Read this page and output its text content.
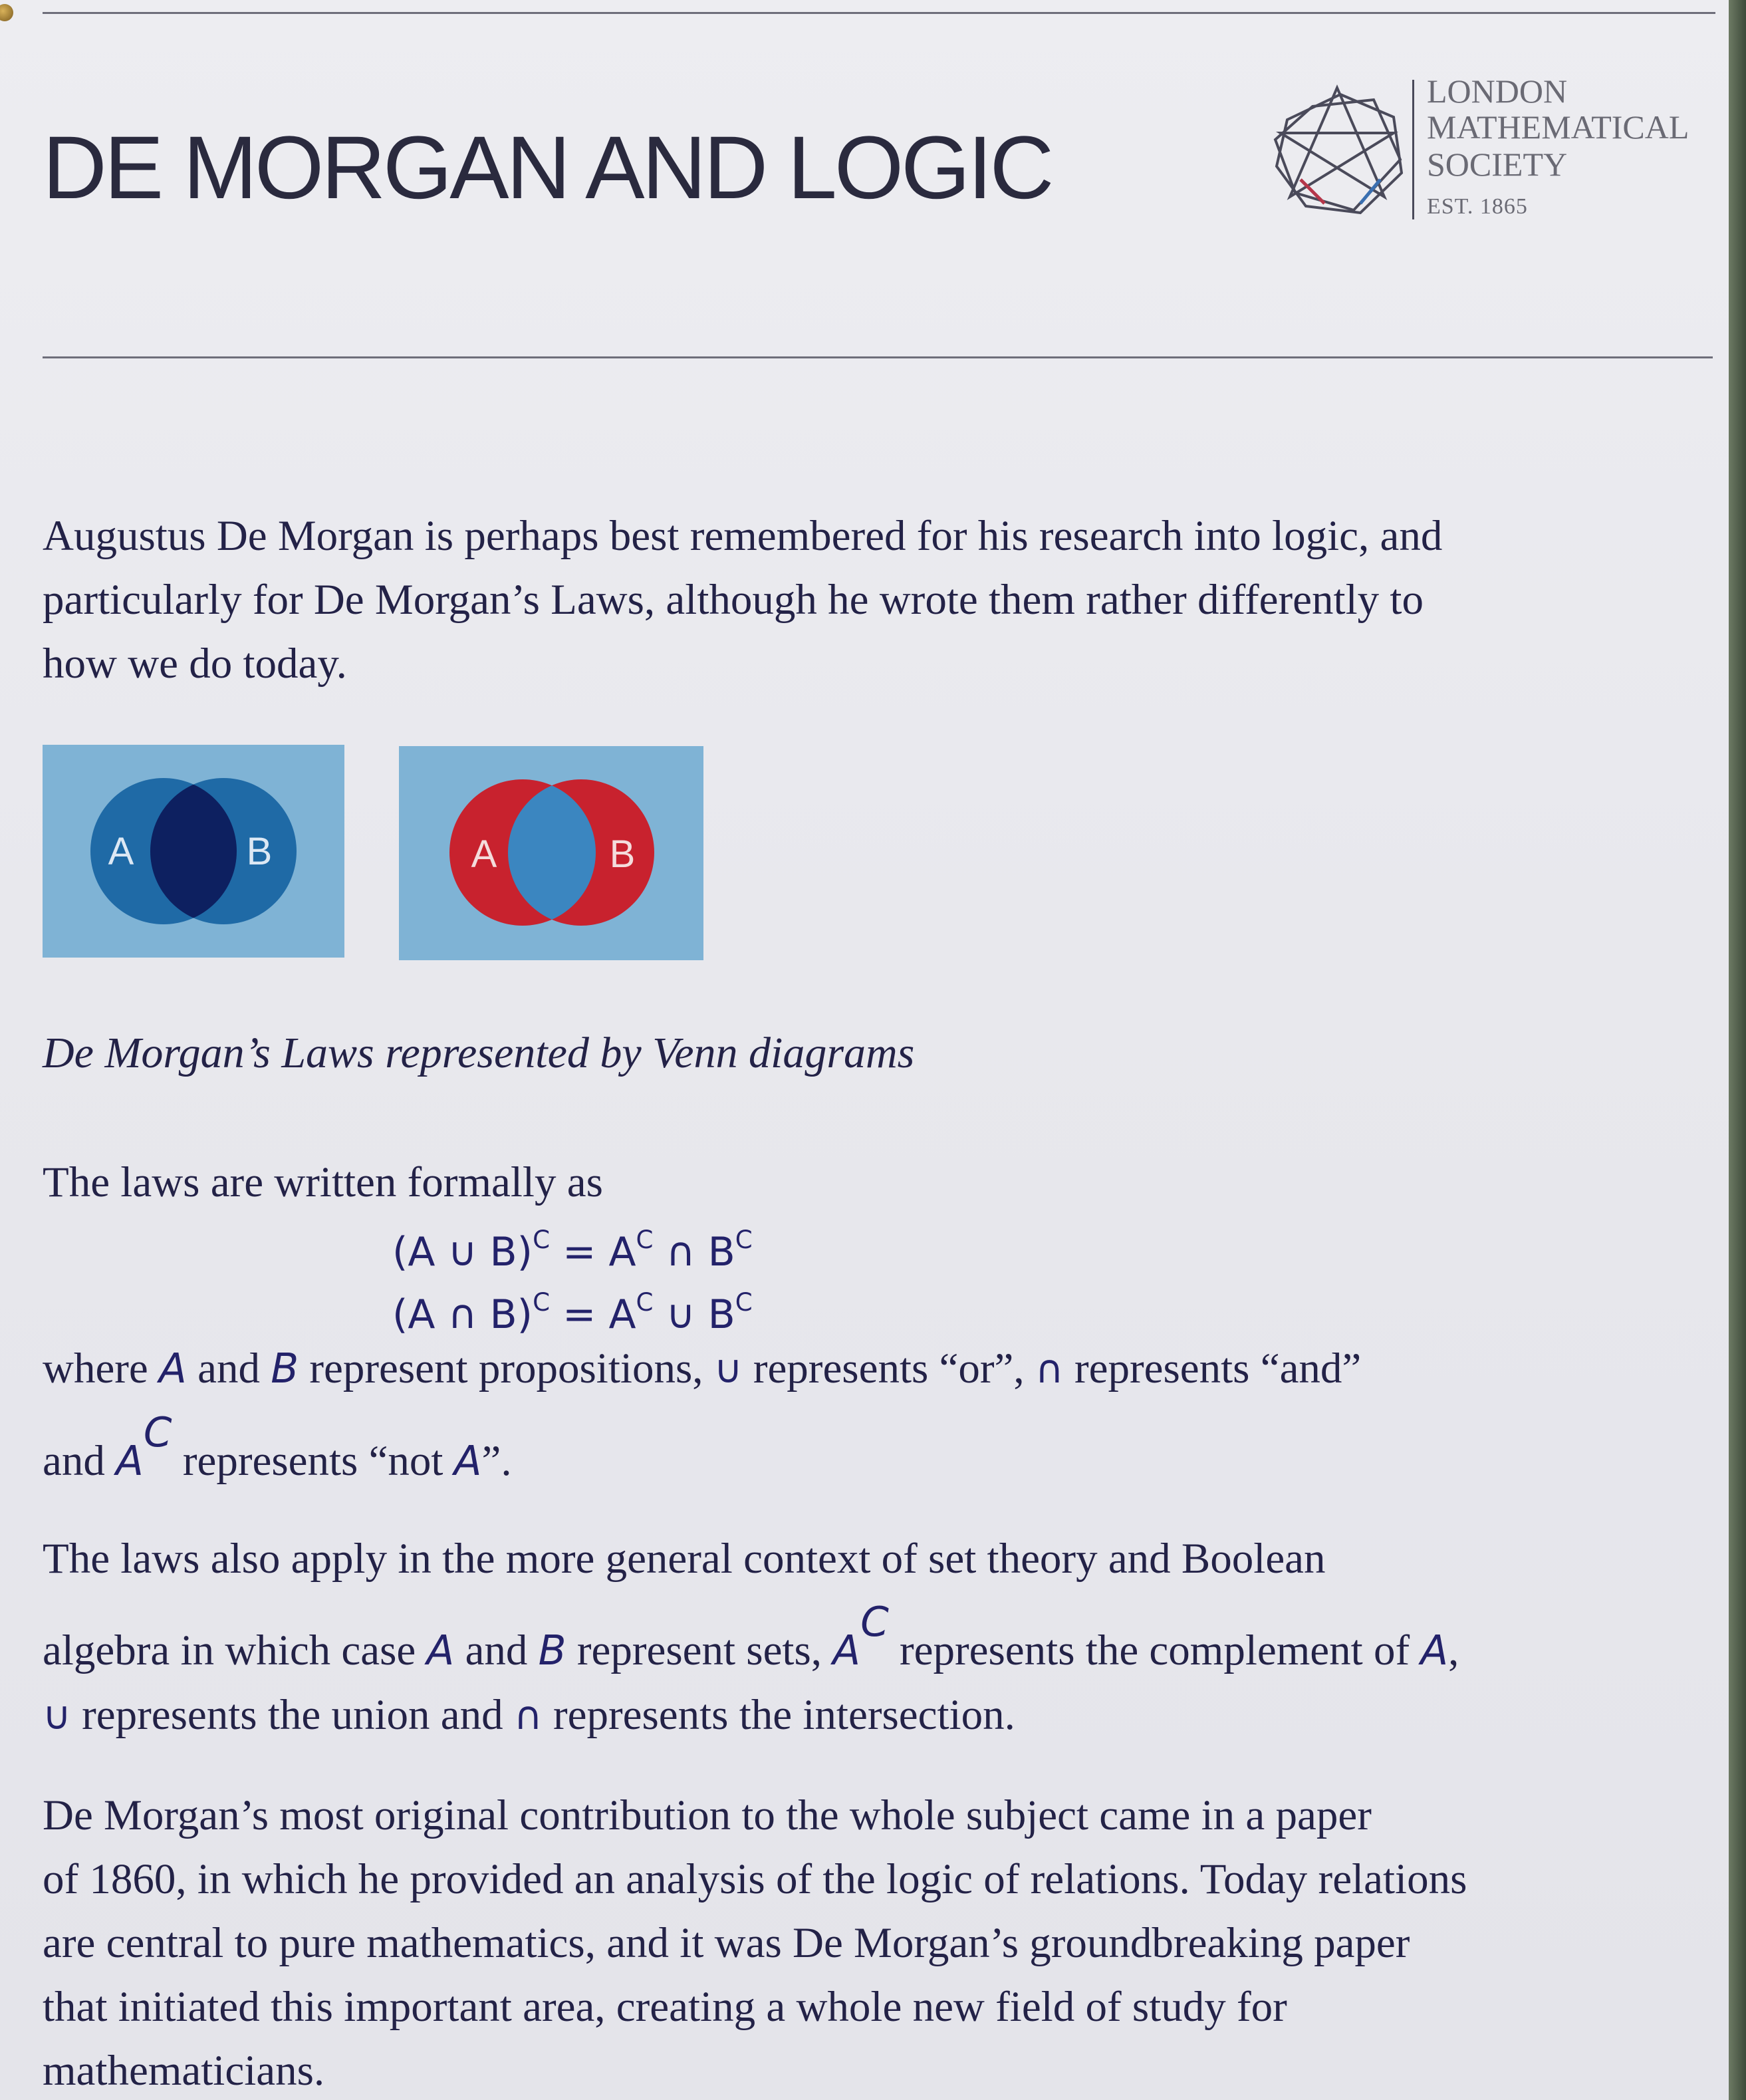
DE MORGAN AND LOGIC
LONDON
MATHEMATICAL
SOCIETY
EST. 1865

Augustus De Morgan is perhaps best remembered for his research into logic, and
particularly for De Morgan’s Laws, although he wrote them rather differently to
how we do today.

A	B	A	B

De Morgan’s Laws represented by Venn diagrams

The laws are written formally as

(A ∪ $B)^C = A^C$ ∩ $B^C$
(A ∩ $B)^C = A^C$ ∪ $B^C$

where A and B represent propositions, ∪ represents “or”, ∩ represents “and”
and AC represents “not A”.

The laws also apply in the more general context of set theory and Boolean
algebra in which case A and B represent sets, AC represents the complement of A,
∪ represents the union and ∩ represents the intersection.

De Morgan’s most original contribution to the whole subject came in a paper
of 1860, in which he provided an analysis of the logic of relations. Today relations
are central to pure mathematics, and it was De Morgan’s groundbreaking paper
that initiated this important area, creating a whole new field of study for
mathematicians.
